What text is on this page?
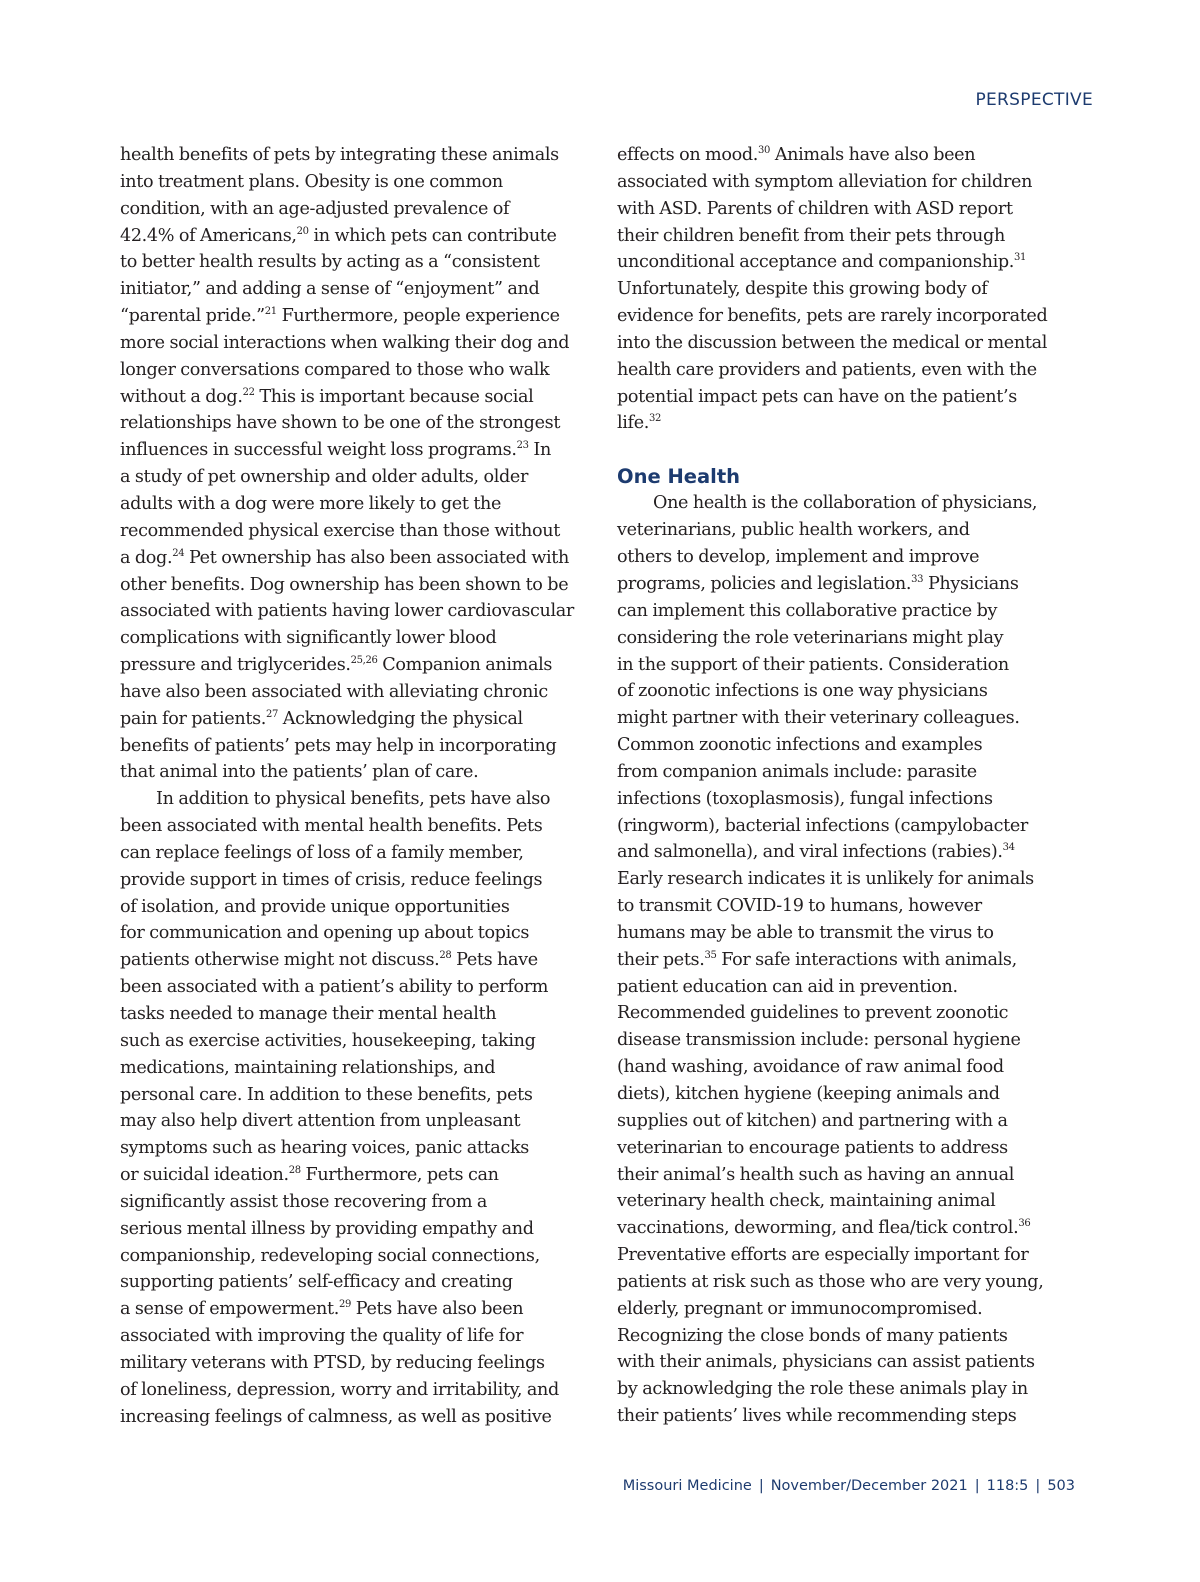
PERSPECTIVE
health benefits of pets by integrating these animals
into treatment plans. Obesity is one common
condition, with an age-adjusted prevalence of
42.4% of Americans,$^{20}$ in which pets can contribute
to better health results by acting as a “consistent
initiator,” and adding a sense of “enjoyment” and
“parental pride.”$^{21}$ Furthermore, people experience
more social interactions when walking their dog and
longer conversations compared to those who walk
without a dog.$^{22}$ This is important because social
relationships have shown to be one of the strongest
influences in successful weight loss programs.$^{23}$ In
a study of pet ownership and older adults, older
adults with a dog were more likely to get the
recommended physical exercise than those without
a dog.$^{24}$ Pet ownership has also been associated with
other benefits. Dog ownership has been shown to be
associated with patients having lower cardiovascular
complications with significantly lower blood
pressure and triglycerides.$^{25,26}$ Companion animals
have also been associated with alleviating chronic
pain for patients.$^{27}$ Acknowledging the physical
benefits of patients’ pets may help in incorporating
that animal into the patients’ plan of care.
In addition to physical benefits, pets have also
been associated with mental health benefits. Pets
can replace feelings of loss of a family member,
provide support in times of crisis, reduce feelings
of isolation, and provide unique opportunities
for communication and opening up about topics
patients otherwise might not discuss.$^{28}$ Pets have
been associated with a patient’s ability to perform
tasks needed to manage their mental health
such as exercise activities, housekeeping, taking
medications, maintaining relationships, and
personal care. In addition to these benefits, pets
may also help divert attention from unpleasant
symptoms such as hearing voices, panic attacks
or suicidal ideation.$^{28}$ Furthermore, pets can
significantly assist those recovering from a
serious mental illness by providing empathy and
companionship, redeveloping social connections,
supporting patients’ self-efficacy and creating
a sense of empowerment.$^{29}$ Pets have also been
associated with improving the quality of life for
military veterans with PTSD, by reducing feelings
of loneliness, depression, worry and irritability, and
increasing feelings of calmness, as well as positive
effects on mood.$^{30}$ Animals have also been
associated with symptom alleviation for children
with ASD. Parents of children with ASD report
their children benefit from their pets through
unconditional acceptance and companionship.$^{31}$
Unfortunately, despite this growing body of
evidence for benefits, pets are rarely incorporated
into the discussion between the medical or mental
health care providers and patients, even with the
potential impact pets can have on the patient’s
life.$^{32}$
One Health
One health is the collaboration of physicians,
veterinarians, public health workers, and
others to develop, implement and improve
programs, policies and legislation.$^{33}$ Physicians
can implement this collaborative practice by
considering the role veterinarians might play
in the support of their patients. Consideration
of zoonotic infections is one way physicians
might partner with their veterinary colleagues.
Common zoonotic infections and examples
from companion animals include: parasite
infections (toxoplasmosis), fungal infections
(ringworm), bacterial infections (campylobacter
and salmonella), and viral infections (rabies).$^{34}$
Early research indicates it is unlikely for animals
to transmit COVID-19 to humans, however
humans may be able to transmit the virus to
their pets.$^{35}$ For safe interactions with animals,
patient education can aid in prevention.
Recommended guidelines to prevent zoonotic
disease transmission include: personal hygiene
(hand washing, avoidance of raw animal food
diets), kitchen hygiene (keeping animals and
supplies out of kitchen) and partnering with a
veterinarian to encourage patients to address
their animal’s health such as having an annual
veterinary health check, maintaining animal
vaccinations, deworming, and flea/tick control.$^{36}$
Preventative efforts are especially important for
patients at risk such as those who are very young,
elderly, pregnant or immunocompromised.
Recognizing the close bonds of many patients
with their animals, physicians can assist patients
by acknowledging the role these animals play in
their patients’ lives while recommending steps
Missouri Medicine | November/December 2021 | 118:5 | 503
